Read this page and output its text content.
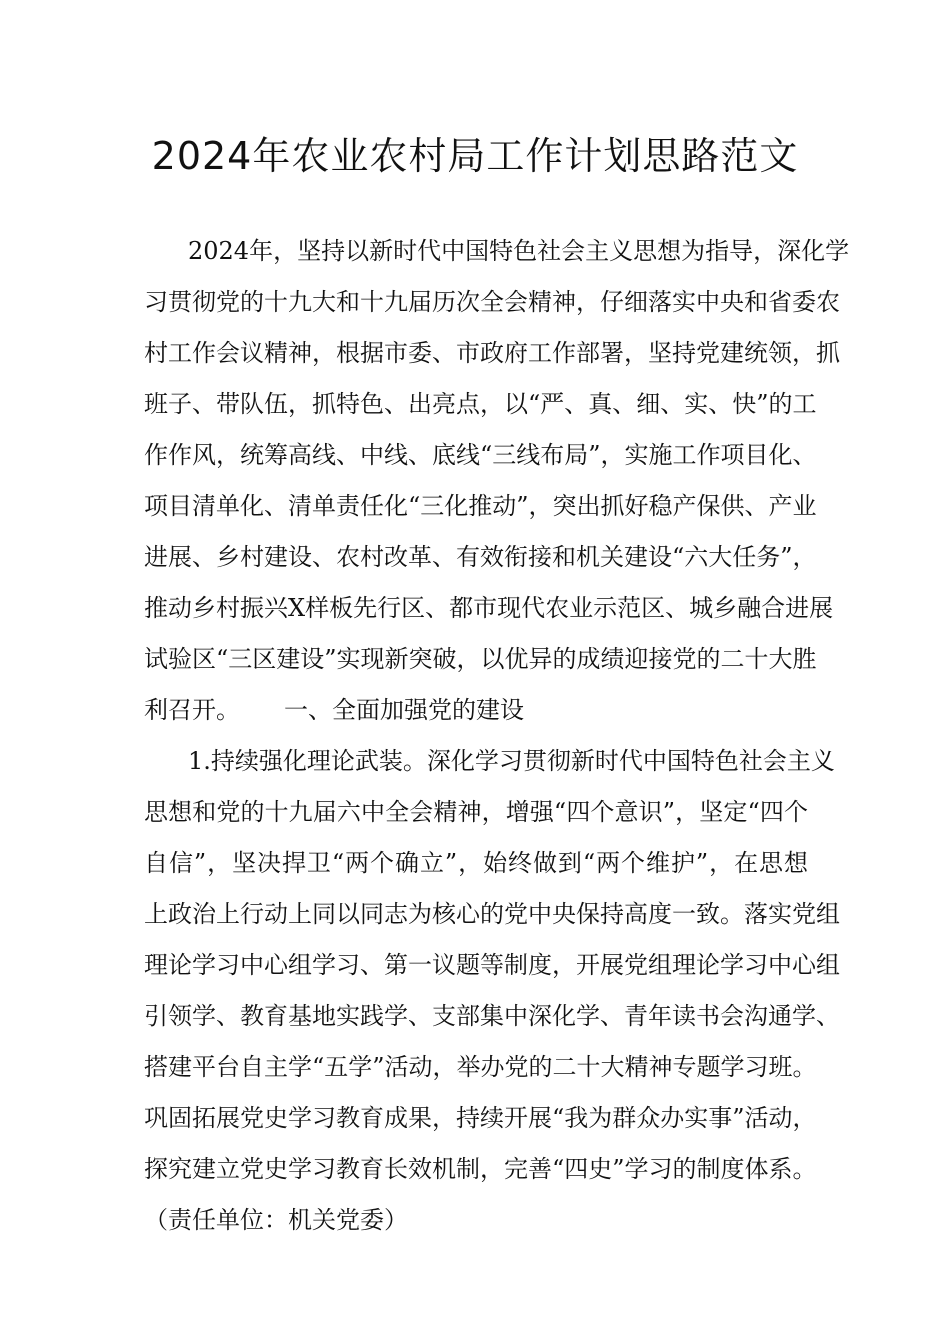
2024年农业农村局工作计划思路范文
2024年，坚持以新时代中国特色社会主义思想为指导，深化学
习贯彻党的十九大和十九届历次全会精神，仔细落实中央和省委农
村工作会议精神，根据市委、市政府工作部署，坚持党建统领，抓
班子、带队伍，抓特色、出亮点，以“严、真、细、实、快”的工
作作风，统筹高线、中线、底线“三线布局”，实施工作项目化、
项目清单化、清单责任化“三化推动”，突出抓好稳产保供、产业
进展、乡村建设、农村改革、有效衔接和机关建设“六大任务”，
推动乡村振兴X样板先行区、都市现代农业示范区、城乡融合进展
试验区“三区建设”实现新突破，以优异的成绩迎接党的二十大胜
利召开。 一、全面加强党的建设
1.持续强化理论武装。深化学习贯彻新时代中国特色社会主义
思想和党的十九届六中全会精神，增强“四个意识”，坚定“四个
自信”，坚决捍卫“两个确立”，始终做到“两个维护”，在思想
上政治上行动上同以同志为核心的党中央保持高度一致。落实党组
理论学习中心组学习、第一议题等制度，开展党组理论学习中心组
引领学、教育基地实践学、支部集中深化学、青年读书会沟通学、
搭建平台自主学“五学”活动，举办党的二十大精神专题学习班。
巩固拓展党史学习教育成果，持续开展“我为群众办实事”活动，
探究建立党史学习教育长效机制，完善“四史”学习的制度体系。
（责任单位：机关党委）
